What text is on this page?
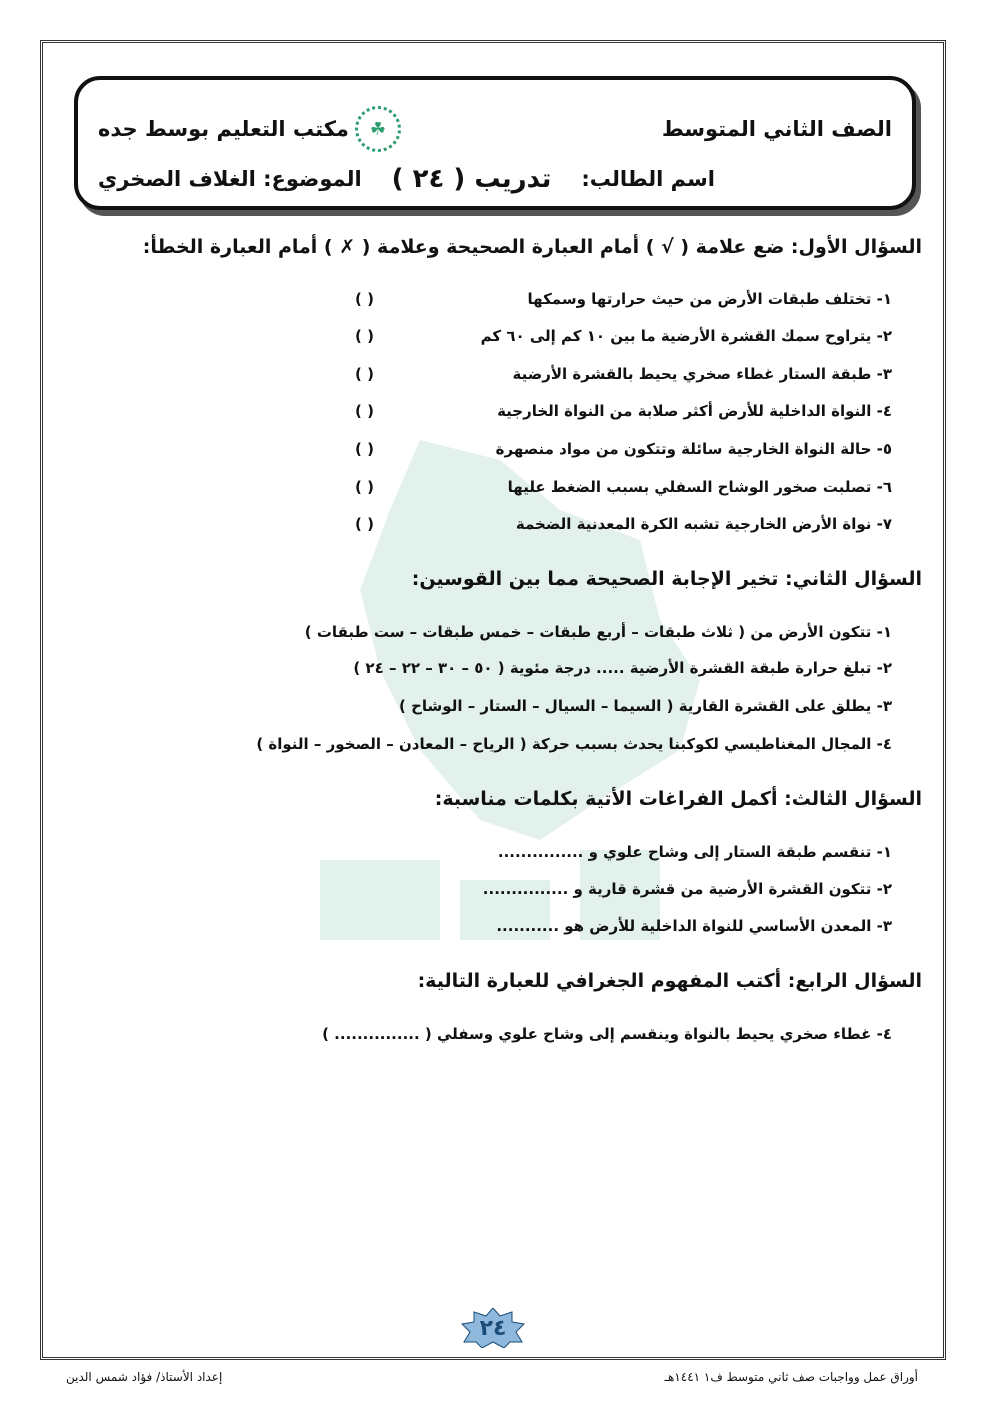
☘
مكتب التعليم بوسط جده	الصف الثاني المتوسط
الموضوع: الغلاف الصخري تدريب ( ٢٤ ) اسم الطالب:
السؤال الأول: ضع علامة ( √ ) أمام العبارة الصحيحة وعلامة ( ✗ ) أمام العبارة الخطأ:
١- تختلف طبقات الأرض من حيث حرارتها وسمكها
( )
٢- يتراوح سمك القشرة الأرضية ما بين ١٠ كم إلى ٦٠ كم
( )
٣- طبقة الستار غطاء صخري يحيط بالقشرة الأرضية
( )
٤- النواة الداخلية للأرض أكثر صلابة من النواة الخارجية
( )
٥- حالة النواة الخارجية سائلة وتتكون من مواد منصهرة
( )
٦- تصلبت صخور الوشاح السفلي بسبب الضغط عليها
( )
٧- نواة الأرض الخارجية تشبه الكرة المعدنية الضخمة
( )
السؤال الثاني: تخير الإجابة الصحيحة مما بين القوسين:
١- تتكون الأرض من ( ثلاث طبقات – أربع طبقات – خمس طبقات – ست طبقات )
٢- تبلغ حرارة طبقة القشرة الأرضية ..... درجة مئوية ( ٥٠ – ٣٠ – ٢٢ – ٢٤ )
٣- يطلق على القشرة القارية ( السيما – السيال – الستار – الوشاح )
٤- المجال المغناطيسي لكوكبنا يحدث بسبب حركة ( الرياح – المعادن – الصخور – النواة )
السؤال الثالث: أكمل الفراغات الأتية بكلمات مناسبة:
١- تنقسم طبقة الستار إلى وشاح علوي و ...............
٢- تتكون القشرة الأرضية من قشرة قارية و ...............
٣- المعدن الأساسي للنواة الداخلية للأرض هو ...........
السؤال الرابع: أكتب المفهوم الجغرافي للعبارة التالية:
٤- غطاء صخري يحيط بالنواة وينقسم إلى وشاح علوي وسفلي ( ............... )
٢٤
إعداد الأستاذ/ فؤاد شمس الدين	أوراق عمل وواجبات صف ثاني متوسط ف١ ١٤٤١هـ
